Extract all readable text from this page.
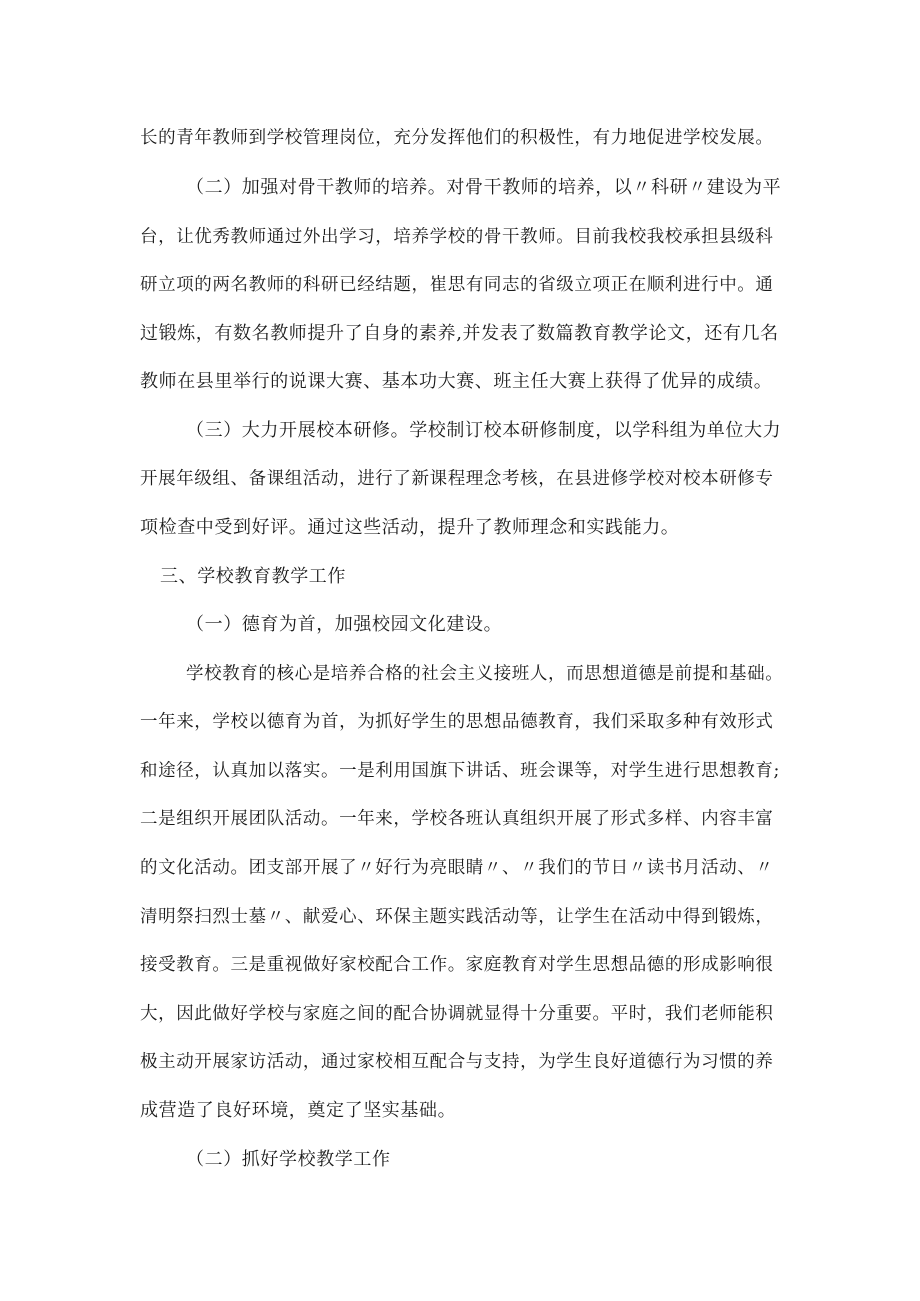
长的青年教师到学校管理岗位，充分发挥他们的积极性，有力地促进学校发展。
（二）加强对骨干教师的培养。对骨干教师的培养，以〃科研〃建设为平
台，让优秀教师通过外出学习，培养学校的骨干教师。目前我校我校承担县级科
研立项的两名教师的科研已经结题，崔思有同志的省级立项正在顺利进行中。通
过锻炼，有数名教师提升了自身的素养,并发表了数篇教育教学论文，还有几名
教师在县里举行的说课大赛、基本功大赛、班主任大赛上获得了优异的成绩。
（三）大力开展校本研修。学校制订校本研修制度，以学科组为单位大力
开展年级组、备课组活动，进行了新课程理念考核，在县进修学校对校本研修专
项检查中受到好评。通过这些活动，提升了教师理念和实践能力。
三、学校教育教学工作
（一）德育为首，加强校园文化建设。
学校教育的核心是培养合格的社会主义接班人，而思想道德是前提和基础。
一年来，学校以德育为首，为抓好学生的思想品德教育，我们采取多种有效形式
和途径，认真加以落实。一是利用国旗下讲话、班会课等，对学生进行思想教育;
二是组织开展团队活动。一年来，学校各班认真组织开展了形式多样、内容丰富
的文化活动。团支部开展了〃好行为亮眼睛〃、〃我们的节日〃读书月活动、〃
清明祭扫烈士墓〃、献爱心、环保主题实践活动等，让学生在活动中得到锻炼，
接受教育。三是重视做好家校配合工作。家庭教育对学生思想品德的形成影响很
大，因此做好学校与家庭之间的配合协调就显得十分重要。平时，我们老师能积
极主动开展家访活动，通过家校相互配合与支持，为学生良好道德行为习惯的养
成营造了良好环境，奠定了坚实基础。
（二）抓好学校教学工作
